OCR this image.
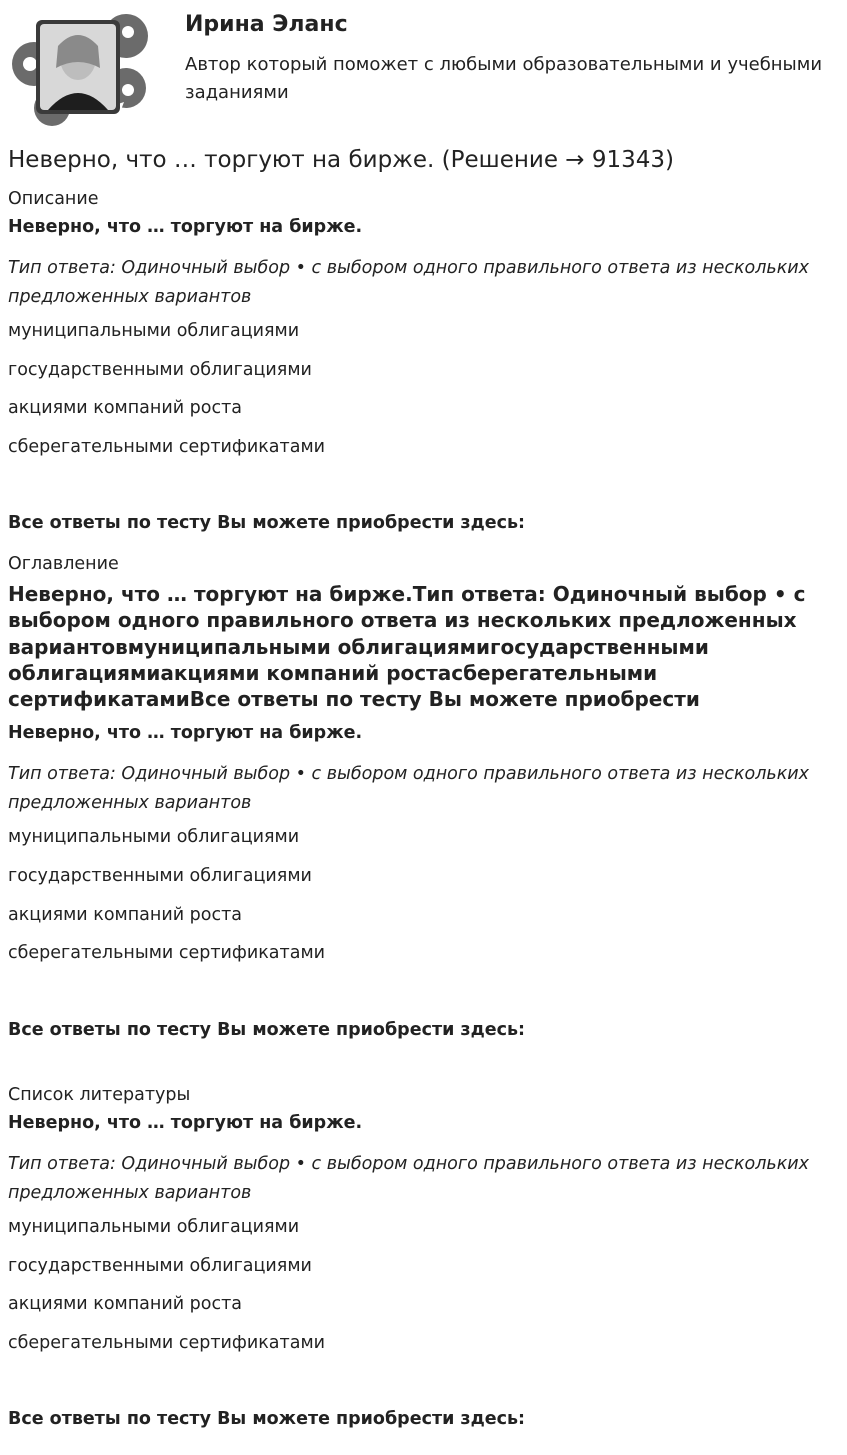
Ирина Эланс
Автор который поможет с любыми образовательными и учебными заданиями
Неверно, что … торгуют на бирже. (Решение → 91343)
Описание

Неверно, что … торгуют на бирже.

Тип ответа: Одиночный выбор • с выбором одного правильного ответа из нескольких предложенных вариантов

муниципальными облигациями

государственными облигациями

акциями компаний роста

сберегательными сертификатами

Все ответы по тесту Вы можете приобрести здесь:

Оглавление

Неверно, что … торгуют на бирже.Тип ответа: Одиночный выбор • с выбором одного правильного ответа из нескольких предложенных вариантовмуниципальными облигациямигосударственными облигациямиакциями компаний ростасберегательными сертификатамиВсе ответы по тесту Вы можете приобрести

Неверно, что … торгуют на бирже.

Тип ответа: Одиночный выбор • с выбором одного правильного ответа из нескольких предложенных вариантов

муниципальными облигациями

государственными облигациями

акциями компаний роста

сберегательными сертификатами

Все ответы по тесту Вы можете приобрести здесь:

Список литературы

Неверно, что … торгуют на бирже.

Тип ответа: Одиночный выбор • с выбором одного правильного ответа из нескольких предложенных вариантов

муниципальными облигациями

государственными облигациями

акциями компаний роста

сберегательными сертификатами

Все ответы по тесту Вы можете приобрести здесь:
